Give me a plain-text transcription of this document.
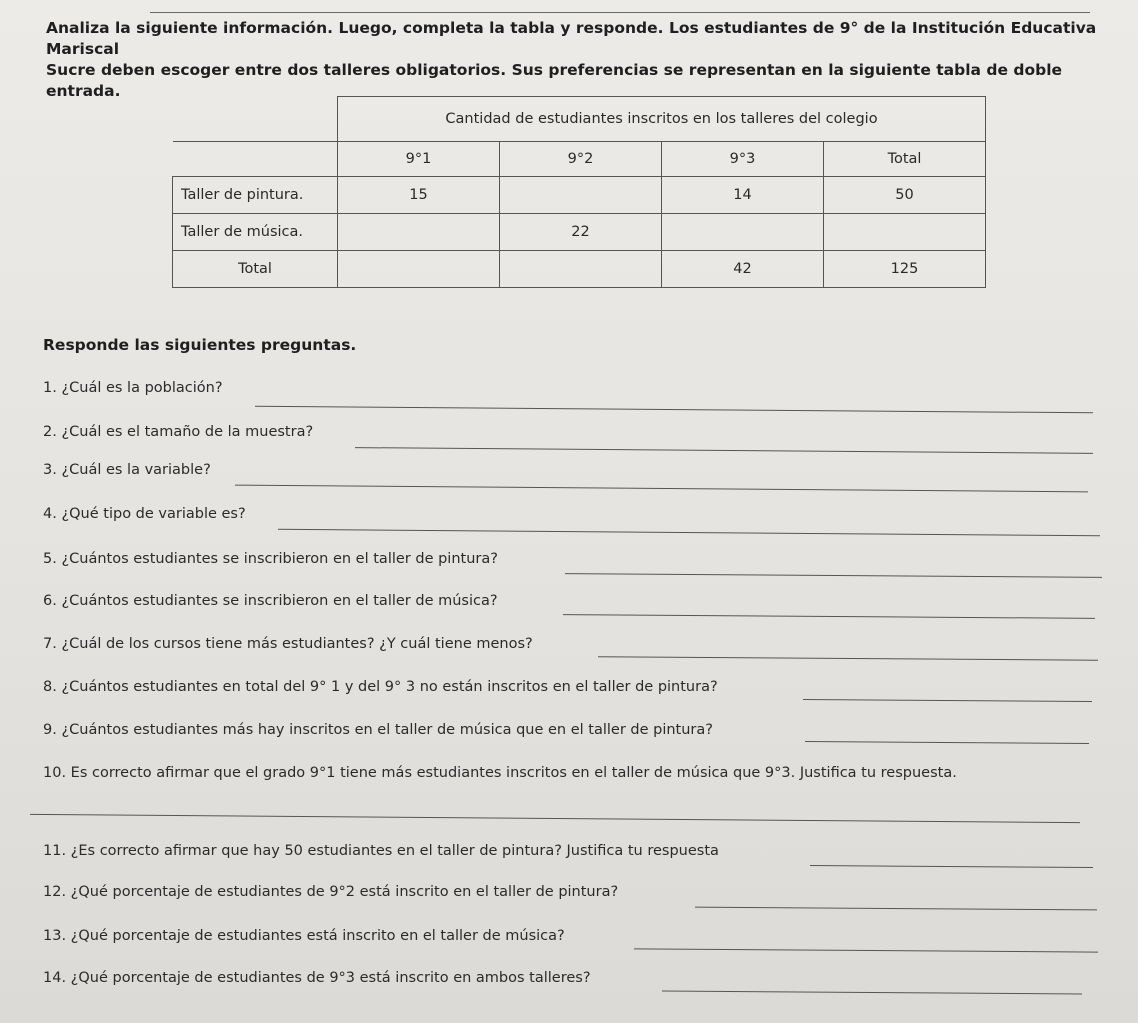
Analiza la siguiente información. Luego, completa la tabla y responde. Los estudiantes de 9° de la Institución Educativa Mariscal
Sucre deben escoger entre dos talleres obligatorios. Sus preferencias se representan en la siguiente tabla de doble entrada.
	Cantidad de estudiantes inscritos en los talleres del colegio			
	9°1	9°2	9°3	Total
Taller de pintura.	15		14	50
Taller de música.		22		
Total			42	125
Responde las siguientes preguntas.
1. ¿Cuál es la población?
2. ¿Cuál es el tamaño de la muestra?
3. ¿Cuál es la variable?
4. ¿Qué tipo de variable es?
5. ¿Cuántos estudiantes se inscribieron en el taller de pintura?
6. ¿Cuántos estudiantes se inscribieron en el taller de música?
7. ¿Cuál de los cursos tiene más estudiantes? ¿Y cuál tiene menos?
8. ¿Cuántos estudiantes en total del 9° 1 y del 9° 3 no están inscritos en el taller de pintura?
9. ¿Cuántos estudiantes más hay inscritos en el taller de música que en el taller de pintura?
10. Es correcto afirmar que el grado 9°1 tiene más estudiantes inscritos en el taller de música que 9°3. Justifica tu respuesta.
11. ¿Es correcto afirmar que hay 50 estudiantes en el taller de pintura? Justifica tu respuesta
12. ¿Qué porcentaje de estudiantes de 9°2 está inscrito en el taller de pintura?
13. ¿Qué porcentaje de estudiantes está inscrito en el taller de música?
14. ¿Qué porcentaje de estudiantes de 9°3 está inscrito en ambos talleres?
